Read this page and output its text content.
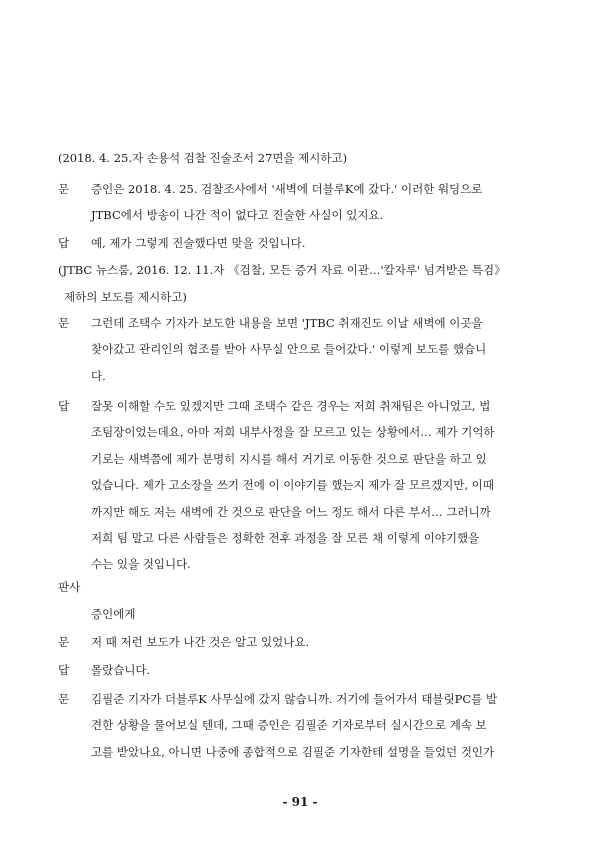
(2018. 4. 25.자 손용석 검찰 진술조서 27면을 제시하고)
문	증인은 2018. 4. 25. 검찰조사에서 '새벽에 더블루K에 갔다.' 이러한 워딩으로
JTBC에서 방송이 나간 적이 없다고 진술한 사실이 있지요.
답	예, 제가 그렇게 진술했다면 맞을 것입니다.
(JTBC 뉴스룸, 2016. 12. 11.자 《검찰, 모든 증거 자료 이관…'칼자루' 넘겨받은 특검》
제하의 보도를 제시하고)
문	그런데 조택수 기자가 보도한 내용을 보면 'JTBC 취재진도 이날 새벽에 이곳을
찾아갔고 관리인의 협조를 받아 사무실 안으로 들어갔다.' 이렇게 보도를 했습니
다.
답	잘못 이해할 수도 있겠지만 그때 조택수 같은 경우는 저희 취재팀은 아니었고, 법
조팀장이었는데요, 아마 저희 내부사정을 잘 모르고 있는 상황에서… 제가 기억하
기로는 새벽쯤에 제가 분명히 지시를 해서 거기로 이동한 것으로 판단을 하고 있
었습니다. 제가 고소장을 쓰기 전에 이 이야기를 했는지 제가 잘 모르겠지만, 이때
까지만 해도 저는 새벽에 간 것으로 판단을 어느 정도 해서 다른 부서… 그러니까
저희 팀 말고 다른 사람들은 정확한 전후 과정을 잘 모른 채 이렇게 이야기했을
수는 있을 것입니다.
판사
증인에게
문	저 때 저런 보도가 나간 것은 알고 있었나요.
답	몰랐습니다.
문	김필준 기자가 더블루K 사무실에 갔지 않습니까. 거기에 들어가서 태블릿PC를 발
견한 상황을 물어보실 텐데, 그때 증인은 김필준 기자로부터 실시간으로 계속 보
고를 받았나요, 아니면 나중에 종합적으로 김필준 기자한테 설명을 들었던 것인가
- 91 -
